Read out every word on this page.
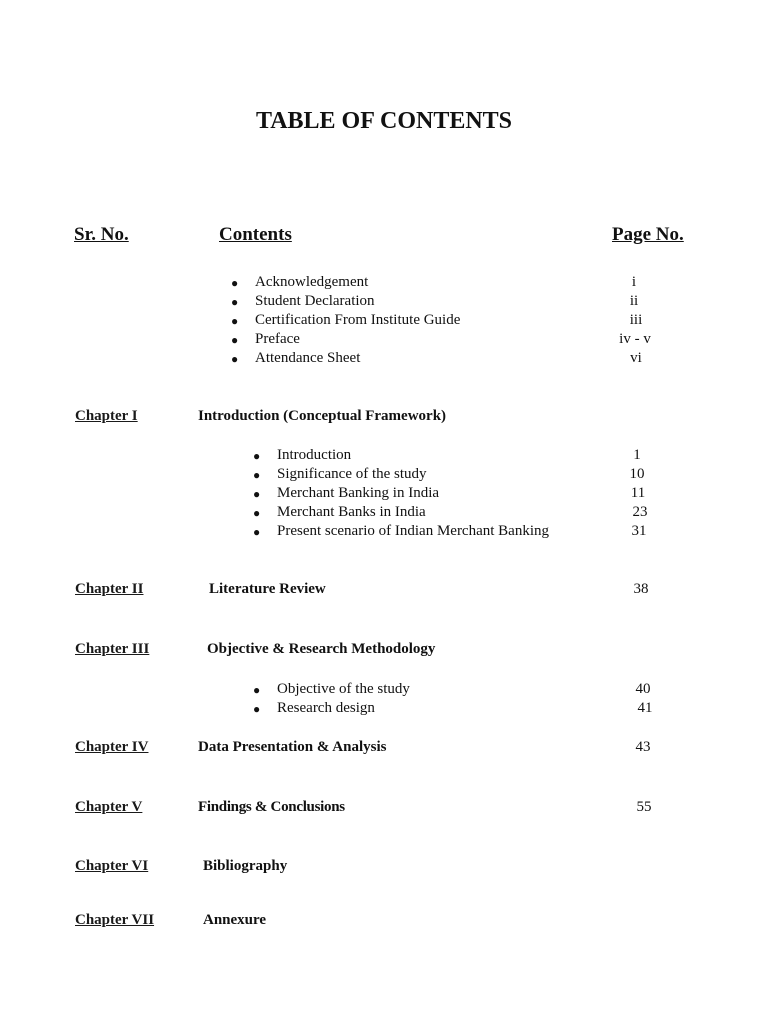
TABLE OF CONTENTS
Sr. No.	Contents	Page No.
● Acknowledgement	i
● Student Declaration	ii
● Certification From Institute Guide	iii
● Preface	iv - v
● Attendance Sheet	vi
Chapter I	Introduction (Conceptual Framework)
● Introduction	1
● Significance of the study	10
● Merchant Banking in India	11
● Merchant Banks in India	23
● Present scenario of Indian Merchant Banking	31
Chapter II	Literature Review	38
Chapter III	Objective & Research Methodology
● Objective of the study	40
● Research design	41
Chapter IV	Data Presentation & Analysis	43
Chapter V	Findings & Conclusions	55
Chapter VI	Bibliography
Chapter VII	Annexure
